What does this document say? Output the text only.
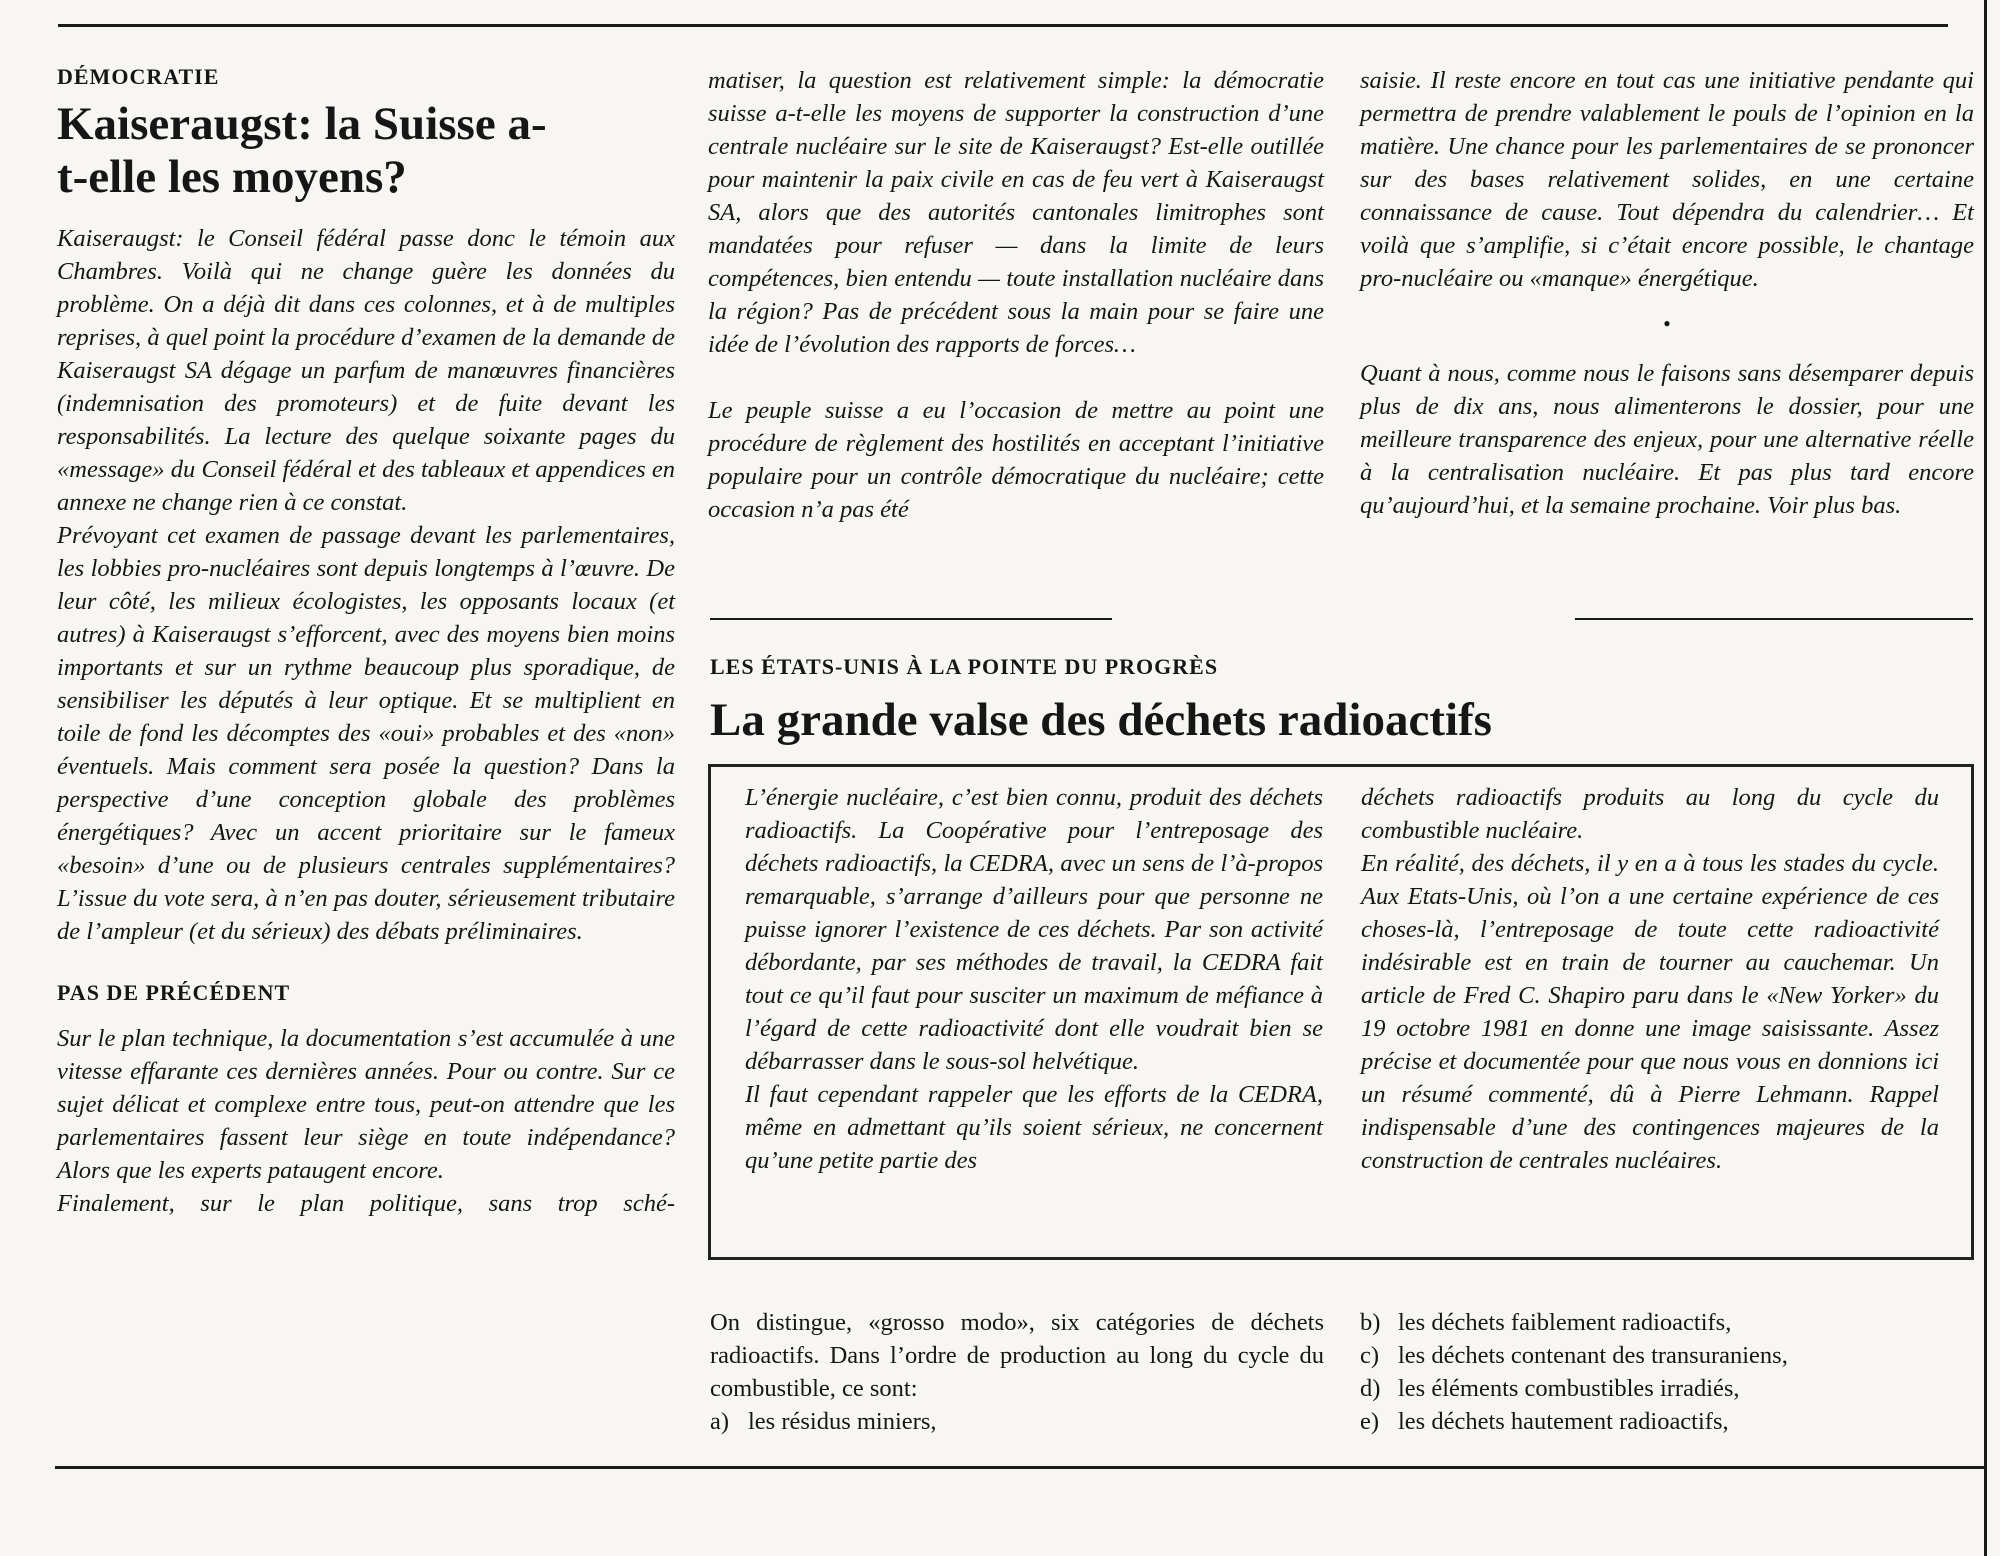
DÉMOCRATIE

Kaiseraugst: la Suisse a-t-elle les moyens?

Kaiseraugst: le Conseil fédéral passe donc le témoin aux Chambres. Voilà qui ne change guère les données du problème. On a déjà dit dans ces colonnes, et à de multiples reprises, à quel point la procédure d’examen de la demande de Kaiseraugst SA dégage un parfum de manœuvres financières (indemnisation des promoteurs) et de fuite devant les responsabilités. La lecture des quelque soixante pages du «message» du Conseil fédéral et des tableaux et appendices en annexe ne change rien à ce constat.

Prévoyant cet examen de passage devant les parlementaires, les lobbies pro-nucléaires sont depuis longtemps à l’œuvre. De leur côté, les milieux écologistes, les opposants locaux (et autres) à Kaiseraugst s’efforcent, avec des moyens bien moins importants et sur un rythme beaucoup plus sporadique, de sensibiliser les députés à leur optique. Et se multiplient en toile de fond les décomptes des «oui» probables et des «non» éventuels. Mais comment sera posée la question? Dans la perspective d’une conception globale des problèmes énergétiques? Avec un accent prioritaire sur le fameux «besoin» d’une ou de plusieurs centrales supplémentaires? L’issue du vote sera, à n’en pas douter, sérieusement tributaire de l’ampleur (et du sérieux) des débats préliminaires.

PAS DE PRÉCÉDENT

Sur le plan technique, la documentation s’est accumulée à une vitesse effarante ces dernières années. Pour ou contre. Sur ce sujet délicat et complexe entre tous, peut-on attendre que les parlementaires fassent leur siège en toute indépendance? Alors que les experts pataugent encore.

Finalement, sur le plan politique, sans trop sché-

matiser, la question est relativement simple: la démocratie suisse a-t-elle les moyens de supporter la construction d’une centrale nucléaire sur le site de Kaiseraugst? Est-elle outillée pour maintenir la paix civile en cas de feu vert à Kaiseraugst SA, alors que des autorités cantonales limitrophes sont mandatées pour refuser — dans la limite de leurs compétences, bien entendu — toute installation nucléaire dans la région? Pas de précédent sous la main pour se faire une idée de l’évolution des rapports de forces…

Le peuple suisse a eu l’occasion de mettre au point une procédure de règlement des hostilités en acceptant l’initiative populaire pour un contrôle démocratique du nucléaire; cette occasion n’a pas été

saisie. Il reste encore en tout cas une initiative pendante qui permettra de prendre valablement le pouls de l’opinion en la matière. Une chance pour les parlementaires de se prononcer sur des bases relativement solides, en une certaine connaissance de cause. Tout dépendra du calendrier… Et voilà que s’amplifie, si c’était encore possible, le chantage pro-nucléaire ou «manque» énergétique.

•

Quant à nous, comme nous le faisons sans désemparer depuis plus de dix ans, nous alimenterons le dossier, pour une meilleure transparence des enjeux, pour une alternative réelle à la centralisation nucléaire. Et pas plus tard encore qu’aujourd’hui, et la semaine prochaine. Voir plus bas.

LES ÉTATS-UNIS À LA POINTE DU PROGRÈS

La grande valse des déchets radioactifs

L’énergie nucléaire, c’est bien connu, produit des déchets radioactifs. La Coopérative pour l’entreposage des déchets radioactifs, la CEDRA, avec un sens de l’à-propos remarquable, s’arrange d’ailleurs pour que personne ne puisse ignorer l’existence de ces déchets. Par son activité débordante, par ses méthodes de travail, la CEDRA fait tout ce qu’il faut pour susciter un maximum de méfiance à l’égard de cette radioactivité dont elle voudrait bien se débarrasser dans le sous-sol helvétique.

Il faut cependant rappeler que les efforts de la CEDRA, même en admettant qu’ils soient sérieux, ne concernent qu’une petite partie des

déchets radioactifs produits au long du cycle du combustible nucléaire.

En réalité, des déchets, il y en a à tous les stades du cycle. Aux Etats-Unis, où l’on a une certaine expérience de ces choses-là, l’entreposage de toute cette radioactivité indésirable est en train de tourner au cauchemar. Un article de Fred C. Shapiro paru dans le «New Yorker» du 19 octobre 1981 en donne une image saisissante. Assez précise et documentée pour que nous vous en donnions ici un résumé commenté, dû à Pierre Lehmann. Rappel indispensable d’une des contingences majeures de la construction de centrales nucléaires.

On distingue, «grosso modo», six catégories de déchets radioactifs. Dans l’ordre de production au long du cycle du combustible, ce sont:

a) les résidus miniers,

b) les déchets faiblement radioactifs,

c) les déchets contenant des transuraniens,

d) les éléments combustibles irradiés,

e) les déchets hautement radioactifs,
